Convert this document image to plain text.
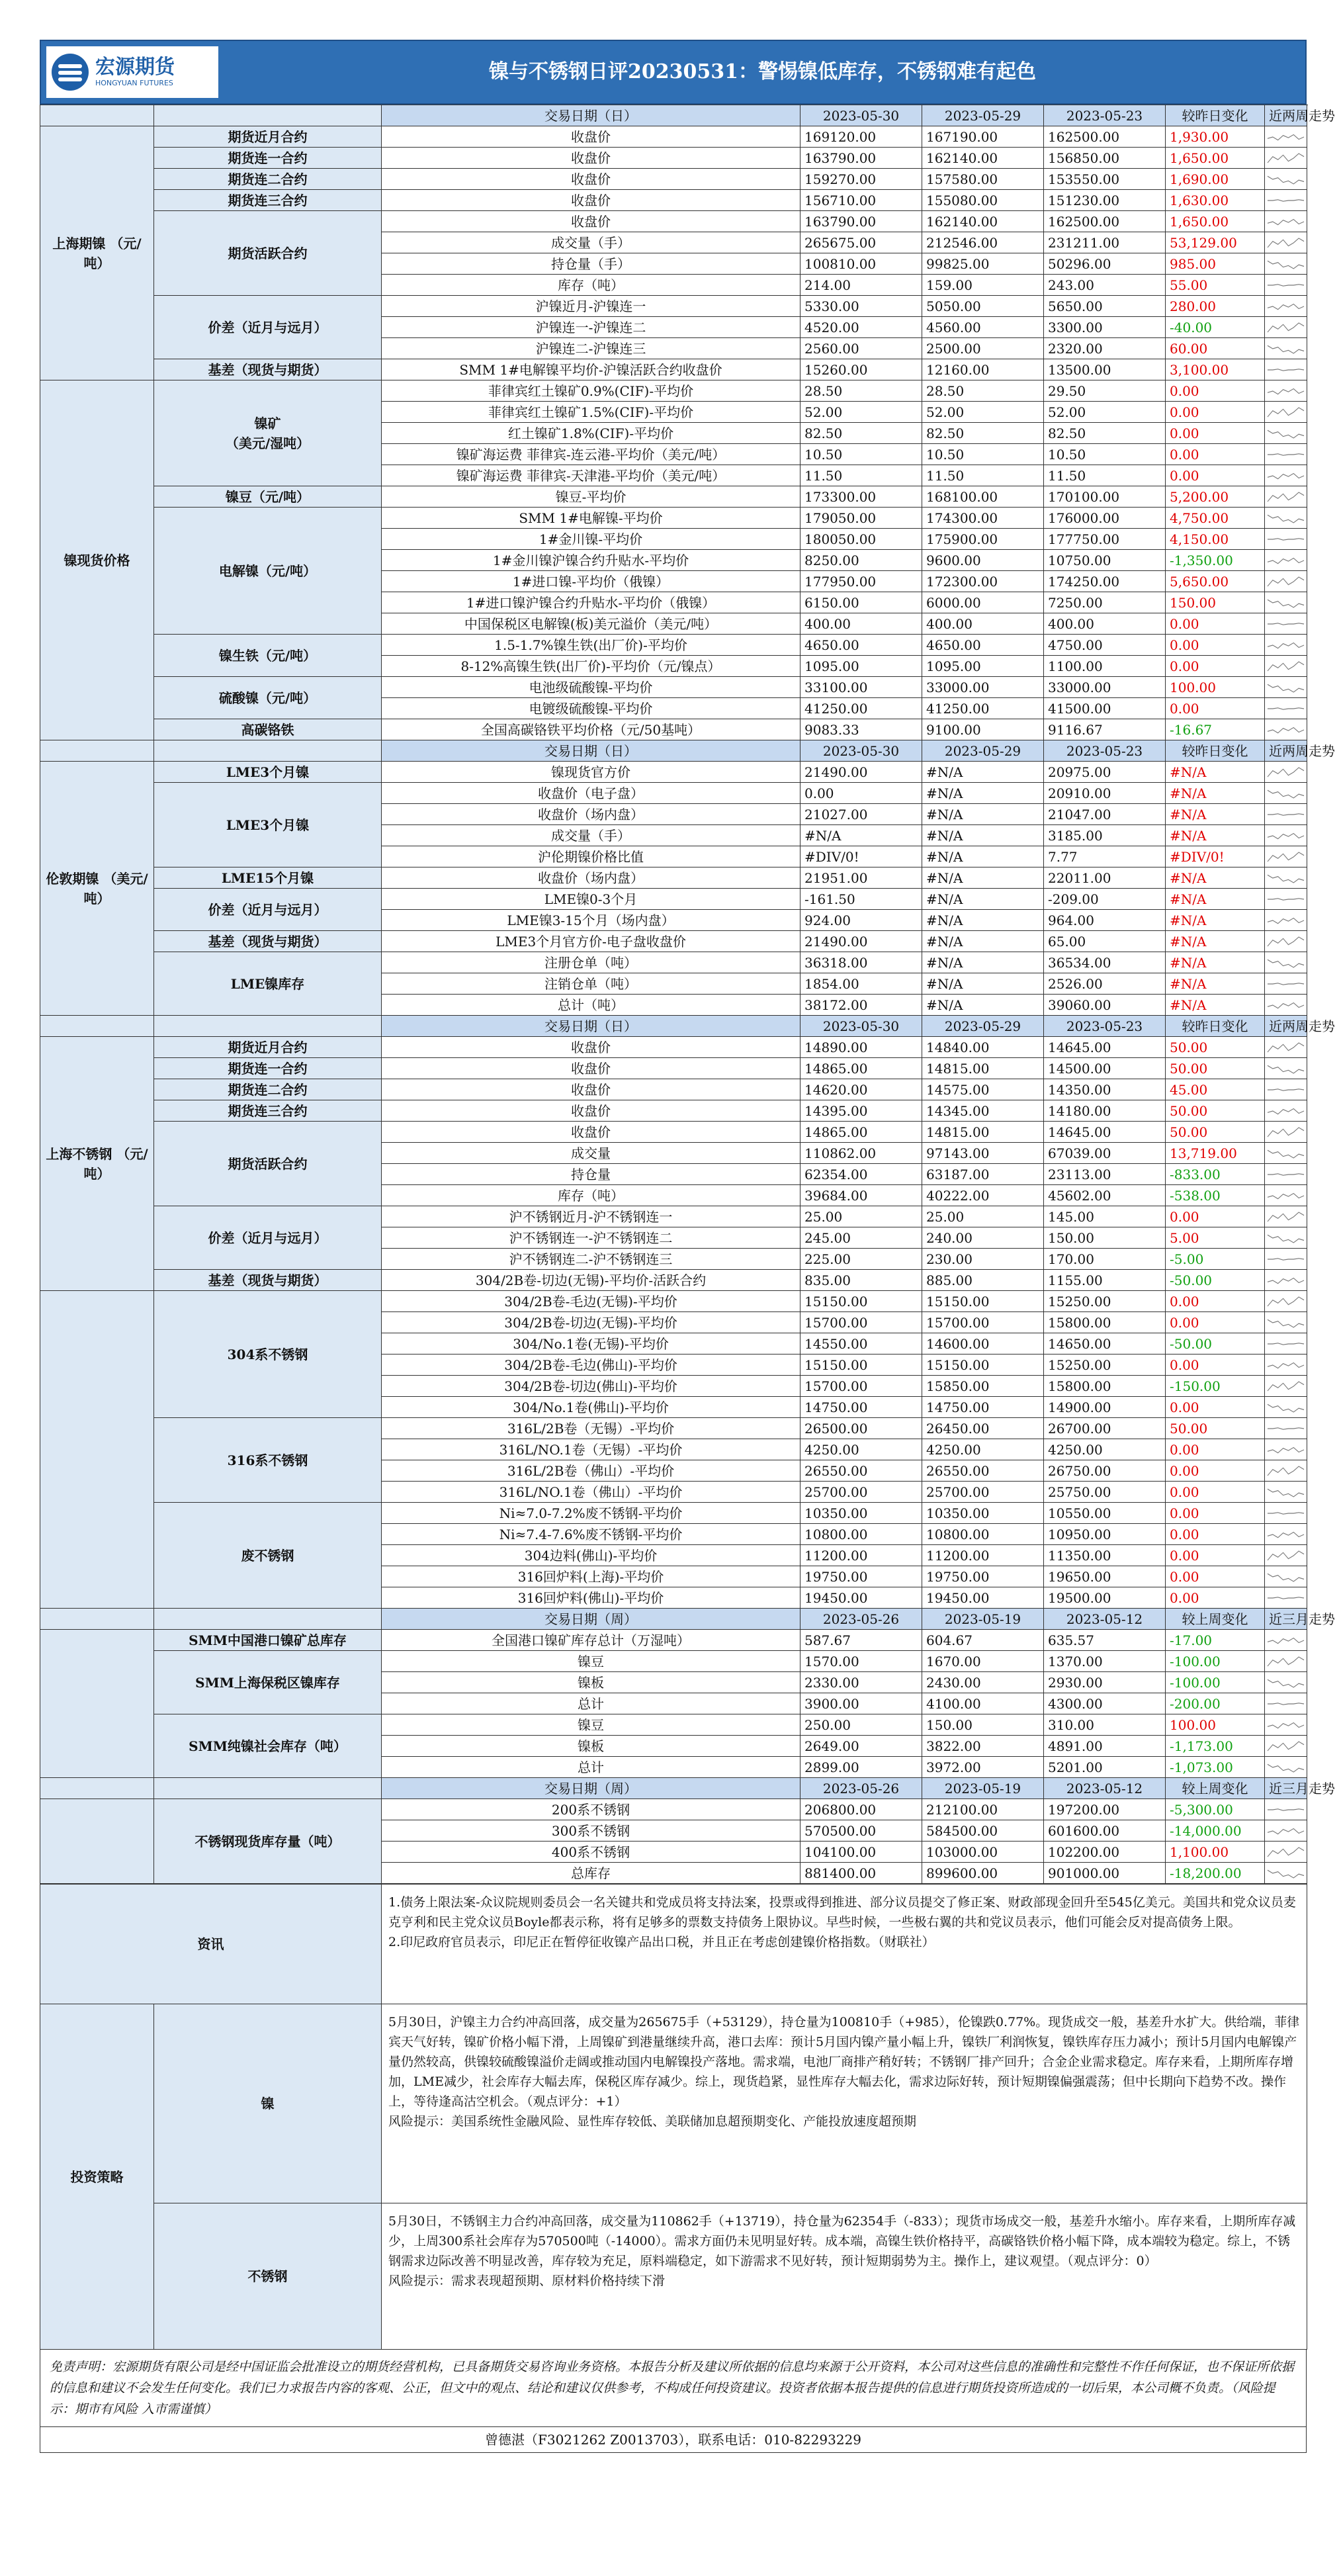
宏源期货
HONGYUAN FUTURES	镍与不锈钢日评20230531：警惕镍低库存，不锈钢难有起色
		交易日期（日）	2023-05-30	2023-05-29	2023-05-23	较昨日变化	近两周走势
上海期镍 （元/吨）	期货近月合约	收盘价	169120.00	167190.00	162500.00	1,930.00	

	期货连一合约	收盘价	163790.00	162140.00	156850.00	1,650.00	

	期货连二合约	收盘价	159270.00	157580.00	153550.00	1,690.00	

	期货连三合约	收盘价	156710.00	155080.00	151230.00	1,630.00	

	期货活跃合约	收盘价	163790.00	162140.00	162500.00	1,650.00	

		成交量（手）	265675.00	212546.00	231211.00	53,129.00	

		持仓量（手）	100810.00	99825.00	50296.00	985.00	

		库存（吨）	214.00	159.00	243.00	55.00	

	价差（近月与远月）	沪镍近月-沪镍连一	5330.00	5050.00	5650.00	280.00	

		沪镍连一-沪镍连二	4520.00	4560.00	3300.00	-40.00	

		沪镍连二-沪镍连三	2560.00	2500.00	2320.00	60.00	

	基差（现货与期货）	SMM 1#电解镍平均价-沪镍活跃合约收盘价	15260.00	12160.00	13500.00	3,100.00	

镍现货价格	镍矿
（美元/湿吨）	菲律宾红土镍矿0.9%(CIF)-平均价	28.50	28.50	29.50	0.00	

		菲律宾红土镍矿1.5%(CIF)-平均价	52.00	52.00	52.00	0.00	

		红土镍矿1.8%(CIF)-平均价	82.50	82.50	82.50	0.00	

		镍矿海运费 菲律宾-连云港-平均价（美元/吨）	10.50	10.50	10.50	0.00	

		镍矿海运费 菲律宾-天津港-平均价（美元/吨）	11.50	11.50	11.50	0.00	

	镍豆（元/吨）	镍豆-平均价	173300.00	168100.00	170100.00	5,200.00	

	电解镍（元/吨）	SMM 1#电解镍-平均价	179050.00	174300.00	176000.00	4,750.00	

		1#金川镍-平均价	180050.00	175900.00	177750.00	4,150.00	

		1#金川镍沪镍合约升贴水-平均价	8250.00	9600.00	10750.00	-1,350.00	

		1#进口镍-平均价（俄镍）	177950.00	172300.00	174250.00	5,650.00	

		1#进口镍沪镍合约升贴水-平均价（俄镍）	6150.00	6000.00	7250.00	150.00	

		中国保税区电解镍(板)美元溢价（美元/吨）	400.00	400.00	400.00	0.00	

	镍生铁（元/吨）	1.5-1.7%镍生铁(出厂价)-平均价	4650.00	4650.00	4750.00	0.00	

		8-12%高镍生铁(出厂价)-平均价（元/镍点）	1095.00	1095.00	1100.00	0.00	

	硫酸镍（元/吨）	电池级硫酸镍-平均价	33100.00	33000.00	33000.00	100.00	

		电镀级硫酸镍-平均价	41250.00	41250.00	41500.00	0.00	

	高碳铬铁	全国高碳铬铁平均价格（元/50基吨）	9083.33	9100.00	9116.67	-16.67	

		交易日期（日）	2023-05-30	2023-05-29	2023-05-23	较昨日变化	近两周走势
伦敦期镍 （美元/吨）	LME3个月镍	镍现货官方价	21490.00	#N/A	20975.00	#N/A	

	LME3个月镍	收盘价（电子盘）	0.00	#N/A	20910.00	#N/A	

		收盘价（场内盘）	21027.00	#N/A	21047.00	#N/A	

		成交量（手）	#N/A	#N/A	3185.00	#N/A	

		沪伦期镍价格比值	#DIV/0!	#N/A	7.77	#DIV/0!	

	LME15个月镍	收盘价（场内盘）	21951.00	#N/A	22011.00	#N/A	

	价差（近月与远月）	LME镍0-3个月	-161.50	#N/A	-209.00	#N/A	

		LME镍3-15个月（场内盘）	924.00	#N/A	964.00	#N/A	

	基差（现货与期货）	LME3个月官方价-电子盘收盘价	21490.00	#N/A	65.00	#N/A	

	LME镍库存	注册仓单（吨）	36318.00	#N/A	36534.00	#N/A	

		注销仓单（吨）	1854.00	#N/A	2526.00	#N/A	

		总计（吨）	38172.00	#N/A	39060.00	#N/A	

		交易日期（日）	2023-05-30	2023-05-29	2023-05-23	较昨日变化	近两周走势
上海不锈钢 （元/吨）	期货近月合约	收盘价	14890.00	14840.00	14645.00	50.00	

	期货连一合约	收盘价	14865.00	14815.00	14500.00	50.00	

	期货连二合约	收盘价	14620.00	14575.00	14350.00	45.00	

	期货连三合约	收盘价	14395.00	14345.00	14180.00	50.00	

	期货活跃合约	收盘价	14865.00	14815.00	14645.00	50.00	

		成交量	110862.00	97143.00	67039.00	13,719.00	

		持仓量	62354.00	63187.00	23113.00	-833.00	

		库存（吨）	39684.00	40222.00	45602.00	-538.00	

	价差（近月与远月）	沪不锈钢近月-沪不锈钢连一	25.00	25.00	145.00	0.00	

		沪不锈钢连一-沪不锈钢连二	245.00	240.00	150.00	5.00	

		沪不锈钢连二-沪不锈钢连三	225.00	230.00	170.00	-5.00	

	基差（现货与期货）	304/2B卷-切边(无锡)-平均价-活跃合约	835.00	885.00	1155.00	-50.00	

	304系不锈钢	304/2B卷-毛边(无锡)-平均价	15150.00	15150.00	15250.00	0.00	

		304/2B卷-切边(无锡)-平均价	15700.00	15700.00	15800.00	0.00	

		304/No.1卷(无锡)-平均价	14550.00	14600.00	14650.00	-50.00	

		304/2B卷-毛边(佛山)-平均价	15150.00	15150.00	15250.00	0.00	

		304/2B卷-切边(佛山)-平均价	15700.00	15850.00	15800.00	-150.00	

		304/No.1卷(佛山)-平均价	14750.00	14750.00	14900.00	0.00	

	316系不锈钢	316L/2B卷（无锡）-平均价	26500.00	26450.00	26700.00	50.00	

		316L/NO.1卷（无锡）-平均价	4250.00	4250.00	4250.00	0.00	

		316L/2B卷（佛山）-平均价	26550.00	26550.00	26750.00	0.00	

		316L/NO.1卷（佛山）-平均价	25700.00	25700.00	25750.00	0.00	

	废不锈钢	Ni≈7.0-7.2%废不锈钢-平均价	10350.00	10350.00	10550.00	0.00	

		Ni≈7.4-7.6%废不锈钢-平均价	10800.00	10800.00	10950.00	0.00	

		304边料(佛山)-平均价	11200.00	11200.00	11350.00	0.00	

		316回炉料(上海)-平均价	19750.00	19750.00	19650.00	0.00	

		316回炉料(佛山)-平均价	19450.00	19450.00	19500.00	0.00	

		交易日期（周）	2023-05-26	2023-05-19	2023-05-12	较上周变化	近三月走势
	SMM中国港口镍矿总库存	全国港口镍矿库存总计（万湿吨）	587.67	604.67	635.57	-17.00	

	SMM上海保税区镍库存	镍豆	1570.00	1670.00	1370.00	-100.00	

		镍板	2330.00	2430.00	2930.00	-100.00	

		总计	3900.00	4100.00	4300.00	-200.00	

	SMM纯镍社会库存（吨）	镍豆	250.00	150.00	310.00	100.00	

		镍板	2649.00	3822.00	4891.00	-1,173.00	

		总计	2899.00	3972.00	5201.00	-1,073.00	

		交易日期（周）	2023-05-26	2023-05-19	2023-05-12	较上周变化	近三月走势
	不锈钢现货库存量（吨）	200系不锈钢	206800.00	212100.00	197200.00	-5,300.00	

		300系不锈钢	570500.00	584500.00	601600.00	-14,000.00	

		400系不锈钢	104100.00	103000.00	102200.00	1,100.00	

		总库存	881400.00	899600.00	901000.00	-18,200.00	
资讯		1.债务上限法案-众议院规则委员会一名关键共和党成员将支持法案，投票或得到推进、部分议员提交了修正案、财政部现金回升至545亿美元。美国共和党众议员麦克亨利和民主党众议员Boyle都表示称，将有足够多的票数支持债务上限协议。早些时候，一些极右翼的共和党议员表示，他们可能会反对提高债务上限。
2.印尼政府官员表示，印尼正在暂停征收镍产品出口税，并且正在考虑创建镍价格指数。（财联社）
投资策略	镍	5月30日，沪镍主力合约冲高回落，成交量为265675手（+53129），持仓量为100810手（+985），伦镍跌0.77%。现货成交一般，基差升水扩大。供给端，菲律宾天气好转，镍矿价格小幅下滑，上周镍矿到港量继续升高，港口去库：预计5月国内镍产量小幅上升，镍铁厂利润恢复，镍铁库存压力减小；预计5月国内电解镍产量仍然较高，供镍较硫酸镍溢价走阔或推动国内电解镍投产落地。需求端，电池厂商排产稍好转；不锈钢厂排产回升；合金企业需求稳定。库存来看，上期所库存增加，LME减少，社会库存大幅去库，保税区库存减少。综上，现货趋紧，显性库存大幅去化，需求边际好转，预计短期镍偏强震荡；但中长期向下趋势不改。操作上，等待逢高沽空机会。（观点评分：+1）
风险提示：美国系统性金融风险、显性库存较低、美联储加息超预期变化、产能投放速度超预期
	不锈钢	5月30日，不锈钢主力合约冲高回落，成交量为110862手（+13719），持仓量为62354手（-833）；现货市场成交一般，基差升水缩小。库存来看，上期所库存减少，上周300系社会库存为570500吨（-14000）。需求方面仍未见明显好转。成本端，高镍生铁价格持平，高碳铬铁价格小幅下降，成本端较为稳定。综上，不锈钢需求边际改善不明显改善，库存较为充足，原料端稳定，如下游需求不见好转，预计短期弱势为主。操作上，建议观望。（观点评分：0）
风险提示：需求表现超预期、原材料价格持续下滑
免责声明：宏源期货有限公司是经中国证监会批准设立的期货经营机构，已具备期货交易咨询业务资格。本报告分析及建议所依据的信息均来源于公开资料，本公司对这些信息的准确性和完整性不作任何保证，也不保证所依据的信息和建议不会发生任何变化。我们已力求报告内容的客观、公正，但文中的观点、结论和建议仅供参考，不构成任何投资建议。投资者依据本报告提供的信息进行期货投资所造成的一切后果，本公司概不负责。（风险提示：期市有风险 入市需谨慎）
曾德湛（F3021262 Z0013703），联系电话：010-82293229
